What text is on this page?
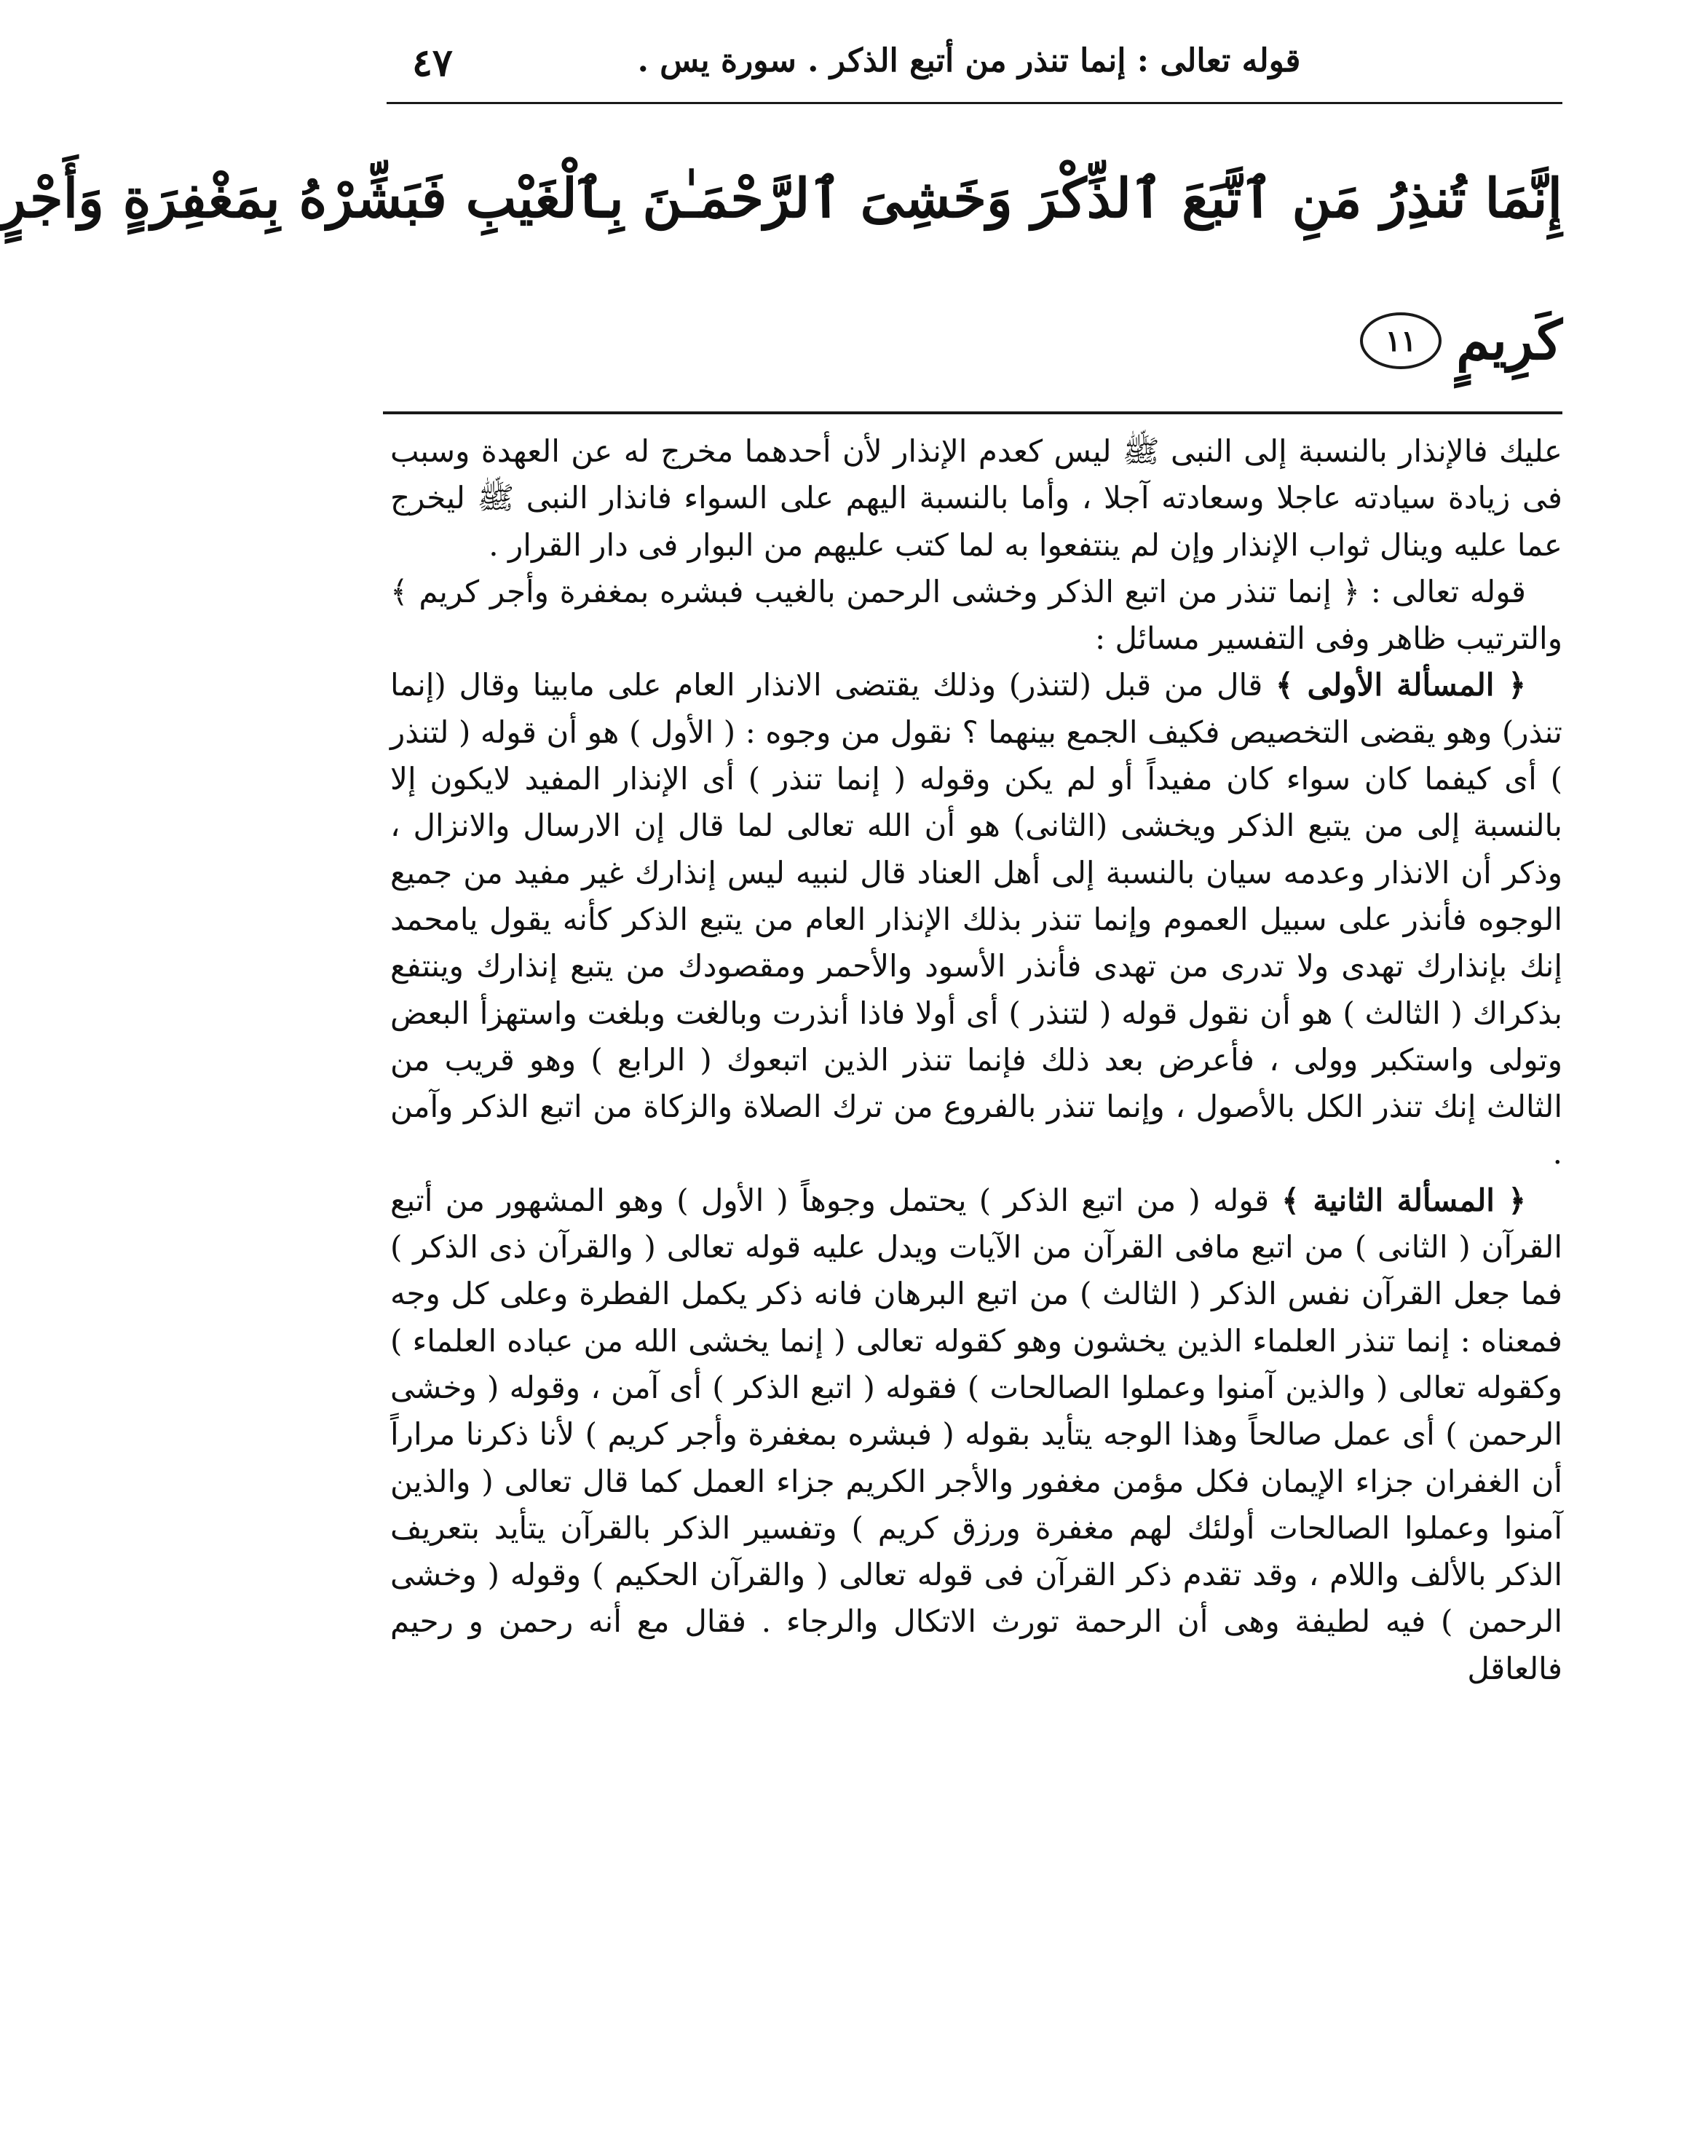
٤٧	قوله تعالى : إنما تنذر من أتبع الذكر . سورة يس .
إِنَّمَا تُنذِرُ مَنِ ٱتَّبَعَ ٱلذِّكْرَ وَخَشِىَ ٱلرَّحْمَـٰنَ بِٱلْغَيْبِ فَبَشِّرْهُ بِمَغْفِرَةٍ وَأَجْرٍ
كَرِيمٍ
١١

عليك فالإنذار بالنسبة إلى النبى ﷺ ليس كعدم الإنذار لأن أحدهما مخرج له عن العهدة وسبب فى زيادة سيادته عاجلا وسعادته آجلا ، وأما بالنسبة اليهم على السواء فانذار النبى ﷺ ليخرج عما عليه وينال ثواب الإنذار وإن لم ينتفعوا به لما كتب عليهم من البوار فى دار القرار .

قوله تعالى : ﴿ إنما تنذر من اتبع الذكر وخشى الرحمن بالغيب فبشره بمغفرة وأجر كريم ﴾ والترتيب ظاهر وفى التفسير مسائل :

﴿ المسألة الأولى ﴾ قال من قبل (لتنذر) وذلك يقتضى الانذار العام على مابينا وقال (إنما تنذر) وهو يقضى التخصيص فكيف الجمع بينهما ؟ نقول من وجوه : ( الأول ) هو أن قوله ( لتنذر ) أى كيفما كان سواء كان مفيداً أو لم يكن وقوله ( إنما تنذر ) أى الإنذار المفيد لايكون إلا بالنسبة إلى من يتبع الذكر ويخشى (الثانى) هو أن الله تعالى لما قال إن الارسال والانزال ، وذكر أن الانذار وعدمه سيان بالنسبة إلى أهل العناد قال لنبيه ليس إنذارك غير مفيد من جميع الوجوه فأنذر على سبيل العموم وإنما تنذر بذلك الإنذار العام من يتبع الذكر كأنه يقول يامحمد إنك بإنذارك تهدى ولا تدرى من تهدى فأنذر الأسود والأحمر ومقصودك من يتبع إنذارك وينتفع بذكراك ( الثالث ) هو أن نقول قوله ( لتنذر ) أى أولا فاذا أنذرت وبالغت وبلغت واستهزأ البعض وتولى واستكبر وولى ، فأعرض بعد ذلك فإنما تنذر الذين اتبعوك ( الرابع ) وهو قريب من الثالث إنك تنذر الكل بالأصول ، وإنما تنذر بالفروع من ترك الصلاة والزكاة من اتبع الذكر وآمن .

﴿ المسألة الثانية ﴾ قوله ( من اتبع الذكر ) يحتمل وجوهاً ( الأول ) وهو المشهور من أتبع القرآن ( الثانى ) من اتبع مافى القرآن من الآيات ويدل عليه قوله تعالى ( والقرآن ذى الذكر ) فما جعل القرآن نفس الذكر ( الثالث ) من اتبع البرهان فانه ذكر يكمل الفطرة وعلى كل وجه فمعناه : إنما تنذر العلماء الذين يخشون وهو كقوله تعالى ( إنما يخشى الله من عباده العلماء ) وكقوله تعالى ( والذين آمنوا وعملوا الصالحات ) فقوله ( اتبع الذكر ) أى آمن ، وقوله ( وخشى الرحمن ) أى عمل صالحاً وهذا الوجه يتأيد بقوله ( فبشره بمغفرة وأجر كريم ) لأنا ذكرنا مراراً أن الغفران جزاء الإيمان فكل مؤمن مغفور والأجر الكريم جزاء العمل كما قال تعالى ( والذين آمنوا وعملوا الصالحات أولئك لهم مغفرة ورزق كريم ) وتفسير الذكر بالقرآن يتأيد بتعريف الذكر بالألف واللام ، وقد تقدم ذكر القرآن فى قوله تعالى ( والقرآن الحكيم ) وقوله ( وخشى الرحمن ) فيه لطيفة وهى أن الرحمة تورث الاتكال والرجاء . فقال مع أنه رحمن و رحيم فالعاقل
